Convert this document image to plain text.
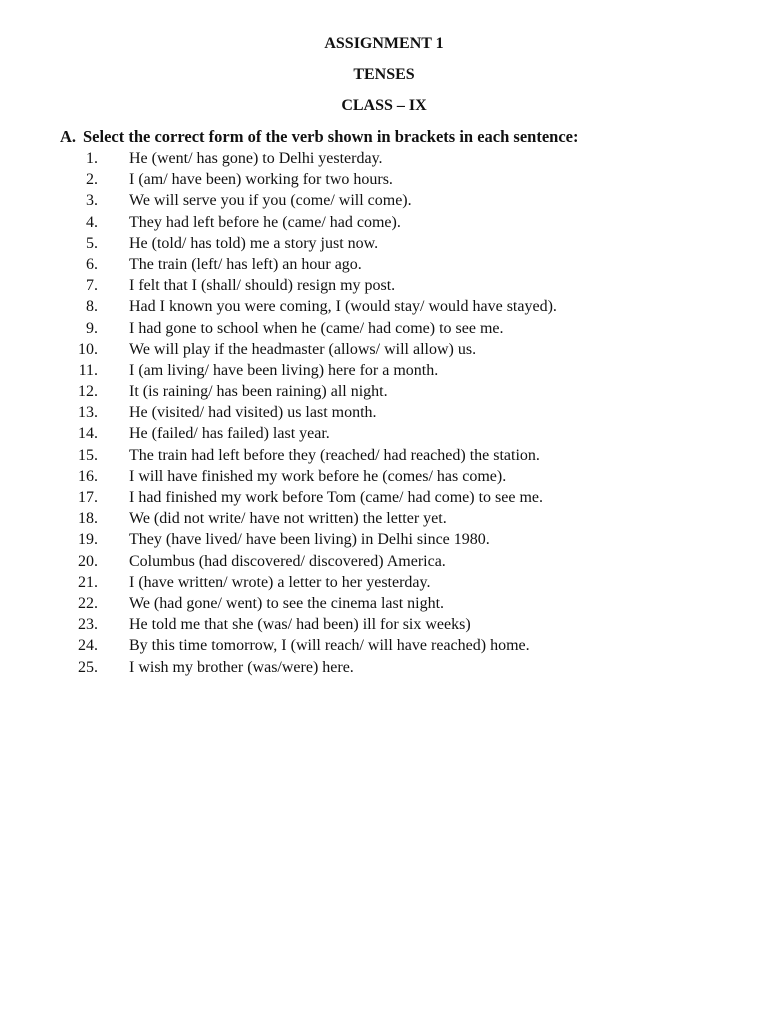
ASSIGNMENT 1
TENSES
CLASS – IX

A. Select the correct form of the verb shown in brackets in each sentence:

1. He (went/ has gone) to Delhi yesterday.
2. I (am/ have been) working for two hours.
3. We will serve you if you (come/ will come).
4. They had left before he (came/ had come).
5. He (told/ has told) me a story just now.
6. The train (left/ has left) an hour ago.
7. I felt that I (shall/ should) resign my post.
8. Had I known you were coming, I (would stay/ would have stayed).
9. I had gone to school when he (came/ had come) to see me.
10. We will play if the headmaster (allows/ will allow) us.
11. I (am living/ have been living) here for a month.
12. It (is raining/ has been raining) all night.
13. He (visited/ had visited) us last month.
14. He (failed/ has failed) last year.
15. The train had left before they (reached/ had reached) the station.
16. I will have finished my work before he (comes/ has come).
17. I had finished my work before Tom (came/ had come) to see me.
18. We (did not write/ have not written) the letter yet.
19. They (have lived/ have been living) in Delhi since 1980.
20. Columbus (had discovered/ discovered) America.
21. I (have written/ wrote) a letter to her yesterday.
22. We (had gone/ went) to see the cinema last night.
23. He told me that she (was/ had been) ill for six weeks)
24. By this time tomorrow, I (will reach/ will have reached) home.
25. I wish my brother (was/were) here.
